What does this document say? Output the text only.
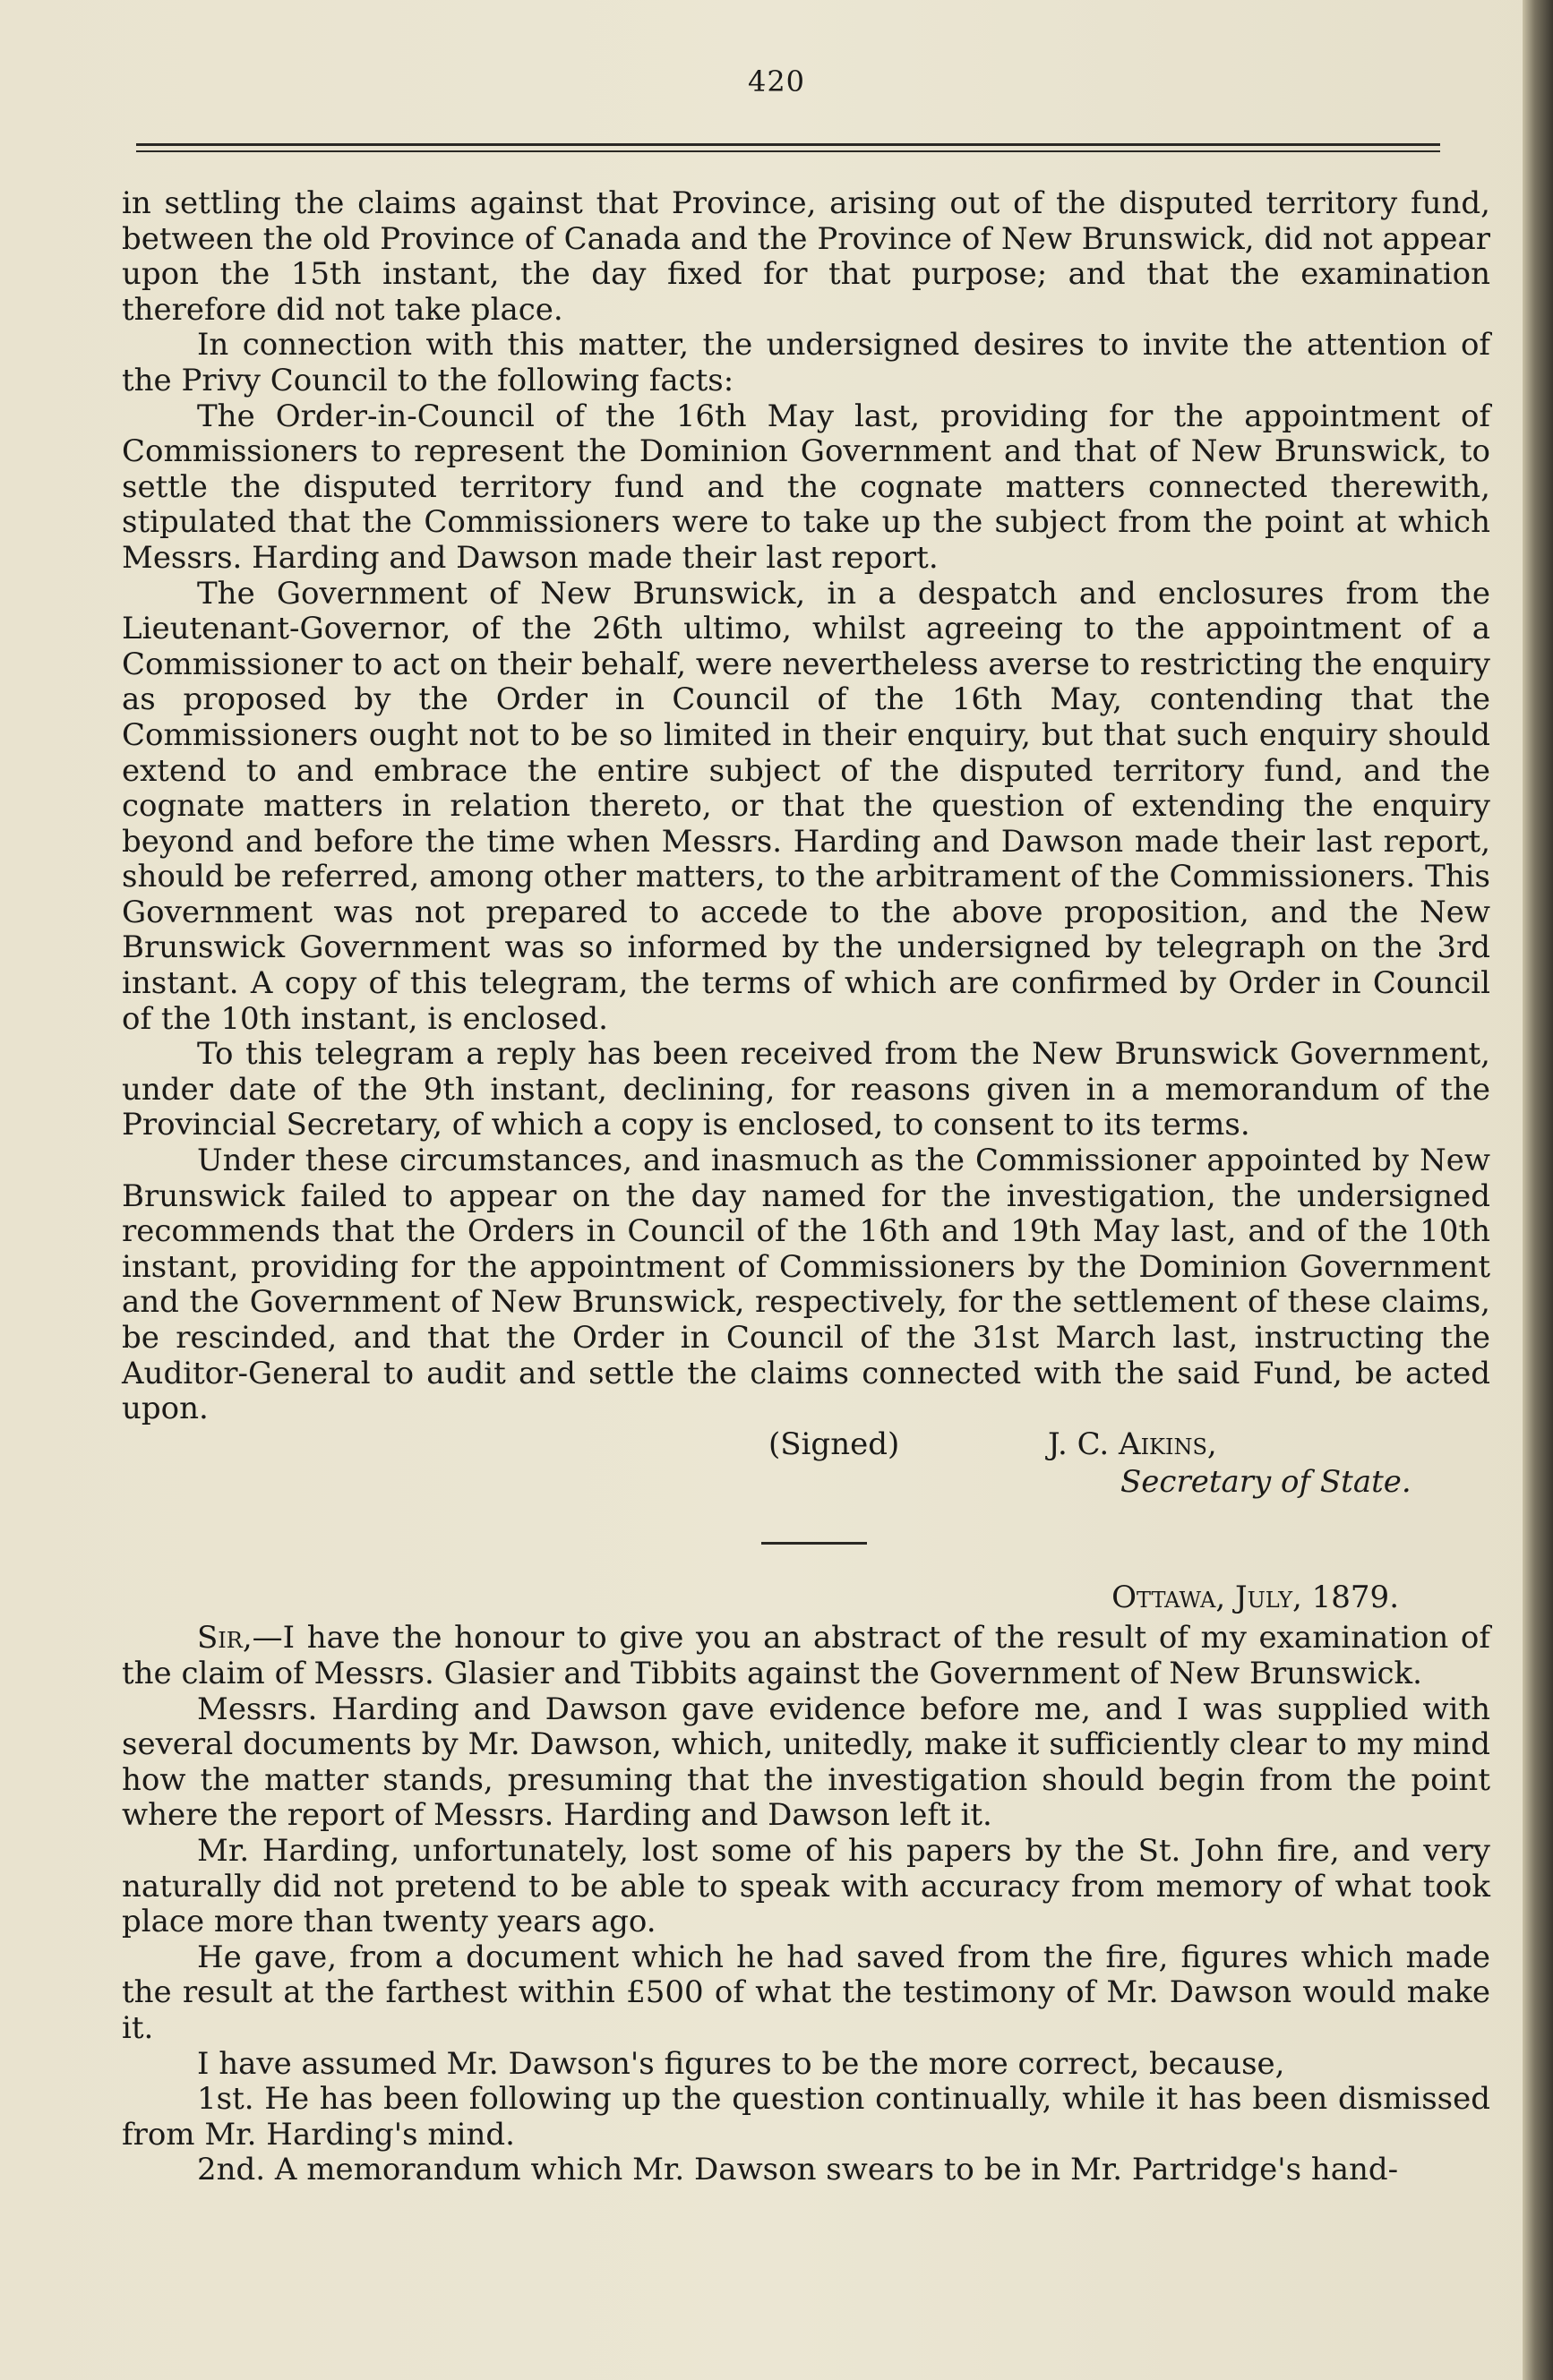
420

in settling the claims against that Province, arising out of the disputed territory fund, between the old Province of Canada and the Province of New Brunswick, did not appear upon the 15th instant, the day fixed for that purpose; and that the examination therefore did not take place.

In connection with this matter, the undersigned desires to invite the attention of the Privy Council to the following facts:

The Order-in-Council of the 16th May last, providing for the appointment of Commissioners to represent the Dominion Government and that of New Brunswick, to settle the disputed territory fund and the cognate matters connected therewith, stipulated that the Commissioners were to take up the subject from the point at which Messrs. Harding and Dawson made their last report.

The Government of New Brunswick, in a despatch and enclosures from the Lieutenant-Governor, of the 26th ultimo, whilst agreeing to the appointment of a Commissioner to act on their behalf, were nevertheless averse to restricting the enquiry as proposed by the Order in Council of the 16th May, contending that the Commissioners ought not to be so limited in their enquiry, but that such enquiry should extend to and embrace the entire subject of the disputed territory fund, and the cognate matters in relation thereto, or that the question of extending the enquiry beyond and before the time when Messrs. Harding and Dawson made their last report, should be referred, among other matters, to the arbitrament of the Commissioners. This Government was not prepared to accede to the above proposition, and the New Brunswick Government was so informed by the undersigned by telegraph on the 3rd instant. A copy of this telegram, the terms of which are confirmed by Order in Council of the 10th instant, is enclosed.

To this telegram a reply has been received from the New Brunswick Government, under date of the 9th instant, declining, for reasons given in a memorandum of the Provincial Secretary, of which a copy is enclosed, to consent to its terms.

Under these circumstances, and inasmuch as the Commissioner appointed by New Brunswick failed to appear on the day named for the investigation, the undersigned recommends that the Orders in Council of the 16th and 19th May last, and of the 10th instant, providing for the appointment of Commissioners by the Dominion Government and the Government of New Brunswick, respectively, for the settlement of these claims, be rescinded, and that the Order in Council of the 31st March last, instructing the Auditor-General to audit and settle the claims connected with the said Fund, be acted upon.

(Signed)	J. C. Aikins,
Secretary of State.
Ottawa, July, 1879.

Sir,—I have the honour to give you an abstract of the result of my examination of the claim of Messrs. Glasier and Tibbits against the Government of New Brunswick.

Messrs. Harding and Dawson gave evidence before me, and I was supplied with several documents by Mr. Dawson, which, unitedly, make it sufficiently clear to my mind how the matter stands, presuming that the investigation should begin from the point where the report of Messrs. Harding and Dawson left it.

Mr. Harding, unfortunately, lost some of his papers by the St. John fire, and very naturally did not pretend to be able to speak with accuracy from memory of what took place more than twenty years ago.

He gave, from a document which he had saved from the fire, figures which made the result at the farthest within £500 of what the testimony of Mr. Dawson would make it.

I have assumed Mr. Dawson's figures to be the more correct, because,

1st. He has been following up the question continually, while it has been dismissed from Mr. Harding's mind.

2nd. A memorandum which Mr. Dawson swears to be in Mr. Partridge's hand-
